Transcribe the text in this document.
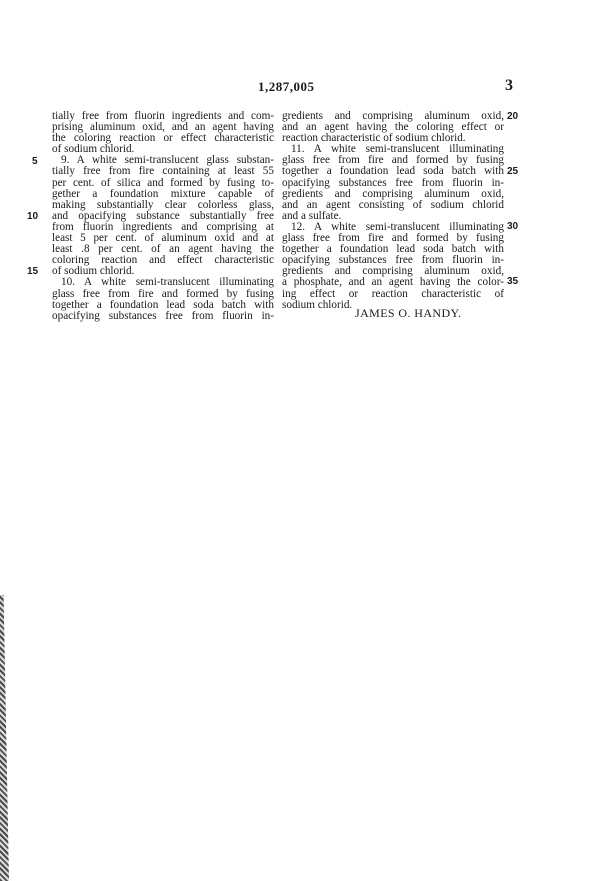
1,287,005	3
tially free from fluorin ingredients and com-
prising aluminum oxid, and an agent having
the coloring reaction or effect characteristic
of sodium chlorid.
9. A white semi-translucent glass substan-
tially free from fire containing at least 55
per cent. of silica and formed by fusing to-
gether a foundation mixture capable of
making substantially clear colorless glass,
and opacifying substance substantially free
from fluorin ingredients and comprising at
least 5 per cent. of aluminum oxid and at
least .8 per cent. of an agent having the
coloring reaction and effect characteristic
of sodium chlorid.
10. A white semi-translucent illuminating
glass free from fire and formed by fusing
together a foundation lead soda batch with
opacifying substances free from fluorin in-
gredients and comprising aluminum oxid,
and an agent having the coloring effect or
reaction characteristic of sodium chlorid.
11. A white semi-translucent illuminating
glass free from fire and formed by fusing
together a foundation lead soda batch with
opacifying substances free from fluorin in-
gredients and comprising aluminum oxid,
and an agent consisting of sodium chlorid
and a sulfate.
12. A white semi-translucent illuminating
glass free from fire and formed by fusing
together a foundation lead soda batch with
opacifying substances free from fluorin in-
gredients and comprising aluminum oxid,
a phosphate, and an agent having the color-
ing effect or reaction characteristic of
sodium chlorid.
5
10
15
20
25
30
35
JAMES O. HANDY.
